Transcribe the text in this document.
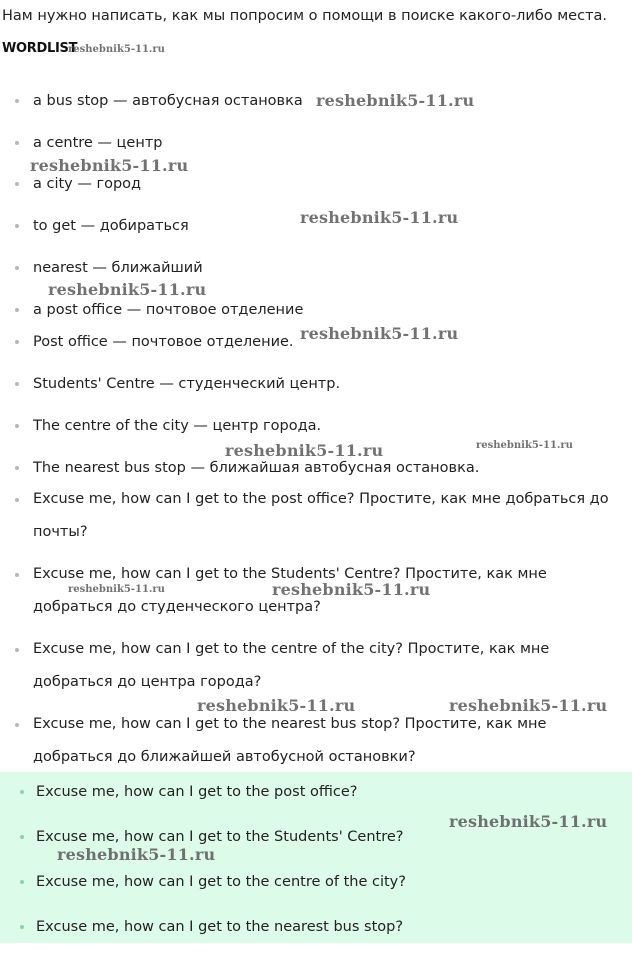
Нам нужно написать, как мы попросим о помощи в поиске какого-либо места.
WORDLIST
a bus stop — автобусная остановка
a centre — центр
a city — город
to get — добираться
nearest — ближайший
a post office — почтовое отделение
Post office — почтовое отделение.
Students' Centre — студенческий центр.
The centre of the city — центр города.
The nearest bus stop — ближайшая автобусная остановка.
Excuse me, how can I get to the post office? Простите, как мне добраться до
почты?
Excuse me, how can I get to the Students' Centre? Простите, как мне
добраться до студенческого центра?
Excuse me, how can I get to the centre of the city? Простите, как мне
добраться до центра города?
Excuse me, how can I get to the nearest bus stop? Простите, как мне
добраться до ближайшей автобусной остановки?
Excuse me, how can I get to the post office?
Excuse me, how can I get to the Students' Centre?
Excuse me, how can I get to the centre of the city?
Excuse me, how can I get to the nearest bus stop?
reshebnik5-11.ru
reshebnik5-11.ru
reshebnik5-11.ru
reshebnik5-11.ru
reshebnik5-11.ru
reshebnik5-11.ru
reshebnik5-11.ru	reshebnik5-11.ru
reshebnik5-11.ru	reshebnik5-11.ru
reshebnik5-11.ru	reshebnik5-11.ru
reshebnik5-11.ru
reshebnik5-11.ru
